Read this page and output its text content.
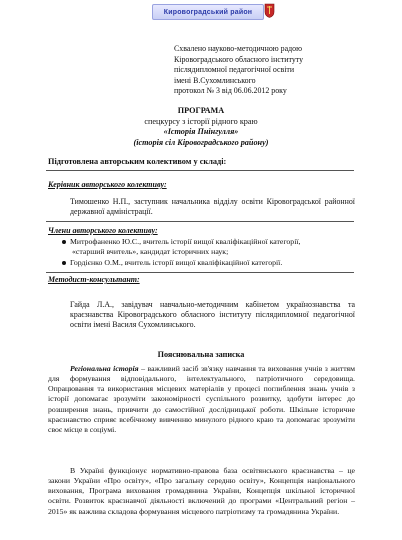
Кировоградський район
Схвалено науково-методичною радою
Кіровоградського обласного інституту
післядипломної педагогічної освіти
імені В.Сухомлинського
протокол № 3 від 06.06.2012 року
ПРОГРАМА
спецкурсу з історії рідного краю
«Історія Пнінгулля»
(історія сіл Кіровоградського району)
Підготовлена авторським колективом у складі:
Керівник авторського колективу:
Тимошенко Н.П., заступник начальника відділу освіти Кіровоградської районної державної адміністрації.
Члени авторського колективу:
Митрофаненко Ю.С., вчитель історії вищої кваліфікаційної категорії,
«старший вчитель», кандидат історичних наук;
Гордієнко О.М., вчитель історії вищої кваліфікаційної категорії.
Методист-консультант:
Гайда Л.А., завідувач навчально-методичним кабінетом українознавства та краєзнавства Кіровоградського обласного інституту післядипломної педагогічної освіти імені Василя Сухомлинського.
Пояснювальна записка
Регіональна історія – важливий засіб зв'язку навчання та виховання учнів з життям для формування відповідального, інтелектуального, патріотичного середовища. Опрацювання та використання місцевих матеріалів у процесі поглиблення знань учнів з історії допомагає зрозуміти закономірності суспільного розвитку, здобути інтерес до розширення знань, привчити до самостійної дослідницької роботи. Шкільне історичне краєзнавство сприяє всебічному вивченню минулого рідного краю та допомагає зрозуміти своє місце в соціумі.
В Україні функціонує нормативно-правова база освітянського краєзнавства – це закони України «Про освіту», «Про загальну середню освіту», Концепція національного виховання, Програма виховання громадянина України, Концепція шкільної історичної освіти. Розвиток краєзнавчої діяльності включений до програми «Центральний регіон – 2015» як важлива складова формування місцевого патріотизму та громадянина України.
